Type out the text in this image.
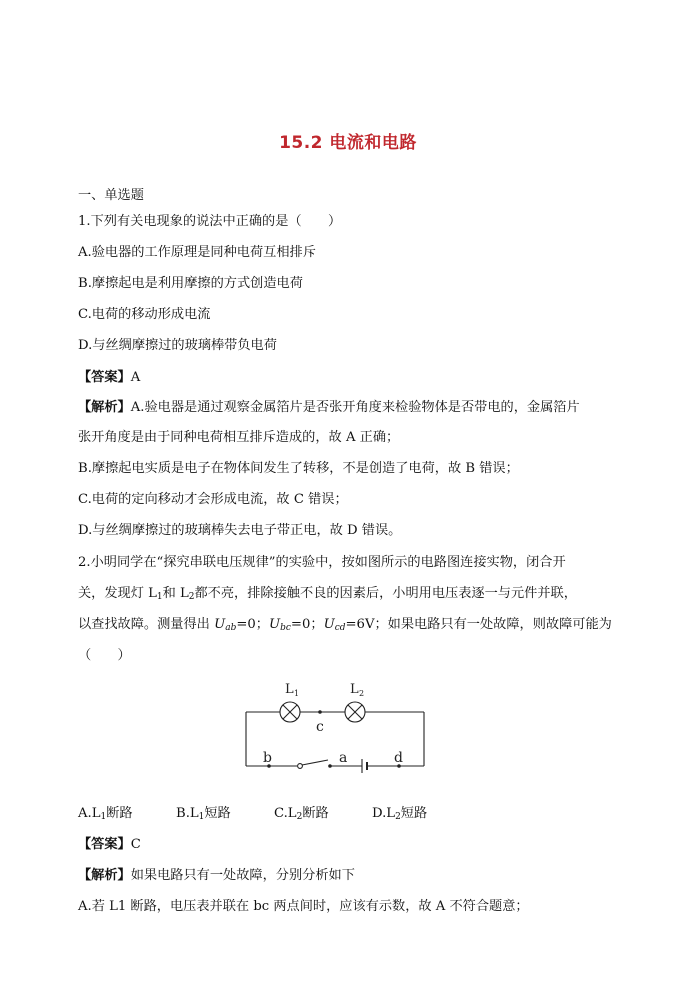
15.2 电流和电路
一、单选题
1.下列有关电现象的说法中正确的是（　　）
A.验电器的工作原理是同种电荷互相排斥
B.摩擦起电是利用摩擦的方式创造电荷
C.电荷的移动形成电流
D.与丝绸摩擦过的玻璃棒带负电荷
【答案】A
【解析】A.验电器是通过观察金属箔片是否张开角度来检验物体是否带电的，金属箔片
张开角度是由于同种电荷相互排斥造成的，故 A 正确；
B.摩擦起电实质是电子在物体间发生了转移，不是创造了电荷，故 B 错误；
C.电荷的定向移动才会形成电流，故 C 错误；
D.与丝绸摩擦过的玻璃棒失去电子带正电，故 D 错误。
2.小明同学在“探究串联电压规律”的实验中，按如图所示的电路图连接实物，闭合开
关，发现灯 $L_1$和 $L_2$都不亮，排除接触不良的因素后，小明用电压表逐一与元件并联，
以查找故障。测量得出 $U_{ab}=0$；$U_{bc}=0$；$U_{cd}=6V$；如果电路只有一处故障，则故障可能为
（　　）
L 1	L 2
c
b	a	d
$A.L_1$断路	$B.L_1$短路	$C.L_2$断路	$D.L_2$短路
【答案】C
【解析】如果电路只有一处故障，分别分析如下
A.若 L1 断路，电压表并联在 bc 两点间时，应该有示数，故 A 不符合题意；
